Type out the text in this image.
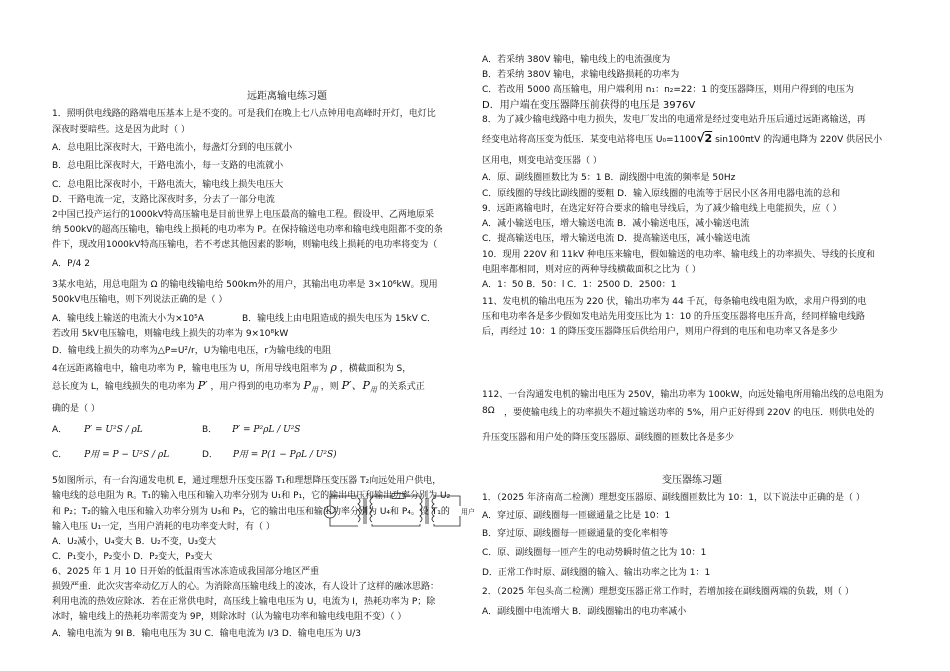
远距离输电练习题
1．照明供电线路的路端电压基本上是不变的。可是我们在晚上七八点钟用电高峰时开灯，电灯比
深夜时要暗些。这是因为此时（ ）
A．总电阻比深夜时大，干路电流小，每盏灯分到的电压就小
B．总电阻比深夜时大，干路电流小，每一支路的电流就小
C．总电阻比深夜时小，干路电流大，输电线上损失电压大
D．干路电流一定，支路比深夜时多，分去了一部分电流
2中国已投产运行的1000kV特高压输电是目前世界上电压最高的输电工程。假设甲、乙两地原采
纳 500kV的超高压输电，输电线上损耗的电功率为 P。在保持输送电功率和输电线电阻都不变的条
件下，现改用1000kV特高压输电，若不考虑其他因素的影响，则输电线上损耗的电功率将变为（
A．P/4 2
3某水电站，用总电阻为 Ω 的输电线输电给 500km外的用户，其输出电功率是 3×10⁶kW。现用
500kV电压输电，则下列说法正确的是（ ）
A．输电线上输送的电流大小为×10⁵A	B．输电线上由电阻造成的损失电压为 15kV C．
若改用 5kV电压输电，则输电线上损失的功率为 9×10⁸kW
D．输电线上损失的功率为△P=U²/r，U为输电电压，r为输电线的电阻
4在远距离输电中，输电功率为 P，输电电压为 U，所用导线电阻率为 ρ ，横截面积为 S，
总长度为 L，输电线损失的电功率为 P′ ，用户得到的电功率为 $P_用$ ，则 P′、$P_用$ 的关系式正
确的是（ ）
A． P′ = U²S / ρL	B． P′ = P²ρL / U²S
C． P用 = P − U²S / ρL	D． P用 = P(1 − PρL / U²S)
5如图所示，有一台沟通发电机 E，通过理想升压变压器 T₁和理想降压变压器 T₂向远处用户供电，
输电线的总电阻为 R。T₁的输入电压和输入功率分别为 U₁和 P₁，它的输出电压和输出功率分别为 U₂
和 P₂；T₂的输入电压和输入功率分别为 U₃和 P₃，它的输出电压和输出功率分别为 U₄和 P₄。设 T₁的
输入电压 U₁一定，当用户消耗的电功率变大时，有（ ）
A．U₂减小，U₄变大 B．U₂不变，U₃变大
C．P₁变小，P₂变小 D．P₂变大，P₃变大
6、2025 年 1 月 10 日开始的低温雨雪冰冻造成我国部分地区严重
损毁严重．此次灾害牵动亿万人的心。为消除高压输电线上的凌冰，有人设计了这样的融冰思路：
利用电流的热效应除冰．若在正常供电时，高压线上输电电压为 U，电流为 I，热耗功率为 P；除
冰时，输电线上的热耗功率需变为 9P，则除冰时（认为输电功率和输电线电阻不变）（ ）
A．输电电流为 9I B．输电电压为 3U C．输电电流为 I/3 D．输电电压为 U/3
用户
A．若采纳 380V 输电，输电线上的电流强度为
B．若采纳 380V 输电，求输电线路损耗的功率为
C．若改用 5000 高压输电，用户端利用 n₁：n₂=22：1 的变压器降压，则用户得到的电压为
D．用户端在变压器降压前获得的电压是 3976V
8．为了减少输电线路中电力损失，发电厂发出的电通常是经过变电站升压后通过远距离输送，再
经变电站将高压变为低压．某变电站将电压 U₀=1100√2 sin100πtV 的沟通电降为 220V 供居民小
区用电，则变电站变压器（ ）
A．原、副线圈匝数比为 5：1 B．副线圈中电流的频率是 50Hz
C．原线圈的导线比副线圈的要粗 D．输入原线圈的电流等于居民小区各用电器电流的总和
9．远距离输电时，在选定好符合要求的输电导线后，为了减少输电线上电能损失，应（ ）
A．减小输送电压，增大输送电流 B．减小输送电压，减小输送电流
C．提高输送电压，增大输送电流 D．提高输送电压，减小输送电流
10．现用 220V 和 11kV 种电压来输电，假如输送的电功率、输电线上的功率损失、导线的长度和
电阻率都相同，则对应的两种导线横截面积之比为（ ）
A．1：50 B．50：l C．1：2500 D．2500：1
11、发电机的输出电压为 220 伏，输出功率为 44 千瓦，每条输电线电阻为欧，求用户得到的电
压和电功率各是多少假如发电站先用变压比为 1：10 的升压变压器将电压升高，经同样输电线路
后，再经过 10：1 的降压变压器降压后供给用户，则用户得到的电压和电功率又各是多少
112、一台沟通发电机的输出电压为 250V，输出功率为 100kW，向远处输电所用输出线的总电阻为
8Ω ，要使输电线上的功率损失不超过输送功率的 5%，用户正好得到 220V 的电压．则供电处的
升压变压器和用户处的降压变压器原、副线圈的匝数比各是多少
变压器练习题
1．（2025 年济南高二检测）理想变压器原、副线圈匝数比为 10：1，以下说法中正确的是（ ）
A．穿过原、副线圈每一匝磁通量之比是 10：1
B．穿过原、副线圈每一匝磁通量的变化率相等
C．原、副线圈每一匝产生的电动势瞬时值之比为 10：1
D．正常工作时原、副线圈的输入、输出功率之比为 1：1
2．（2025 年包头高二检测）理想变压器正常工作时，若增加接在副线圈两端的负载，则（ ）
A．副线圈中电流增大 B．副线圈输出的电功率减小
